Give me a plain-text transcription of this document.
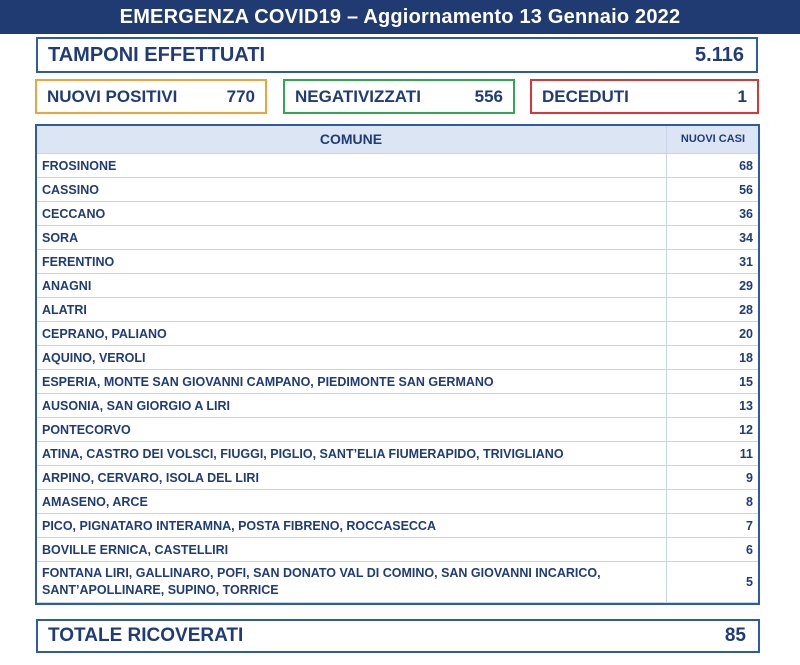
EMERGENZA COVID19 – Aggiornamento 13 Gennaio 2022
TAMPONI EFFETTUATI	5.116
NUOVI POSITIVI	770 NEGATIVIZZATI	556 DECEDUTI	1
COMUNE	NUOVI CASI
FROSINONE	68
CASSINO	56
CECCANO	36
SORA	34
FERENTINO	31
ANAGNI	29
ALATRI	28
CEPRANO, PALIANO	20
AQUINO, VEROLI	18
ESPERIA, MONTE SAN GIOVANNI CAMPANO, PIEDIMONTE SAN GERMANO	15
AUSONIA, SAN GIORGIO A LIRI	13
PONTECORVO	12
ATINA, CASTRO DEI VOLSCI, FIUGGI, PIGLIO, SANT’ELIA FIUMERAPIDO, TRIVIGLIANO	11
ARPINO, CERVARO, ISOLA DEL LIRI	9
AMASENO, ARCE	8
PICO, PIGNATARO INTERAMNA, POSTA FIBRENO, ROCCASECCA	7
BOVILLE ERNICA, CASTELLIRI	6
FONTANA LIRI, GALLINARO, POFI, SAN DONATO VAL DI COMINO, SAN GIOVANNI INCARICO, SANT’APOLLINARE, SUPINO, TORRICE	5
TOTALE RICOVERATI	85
